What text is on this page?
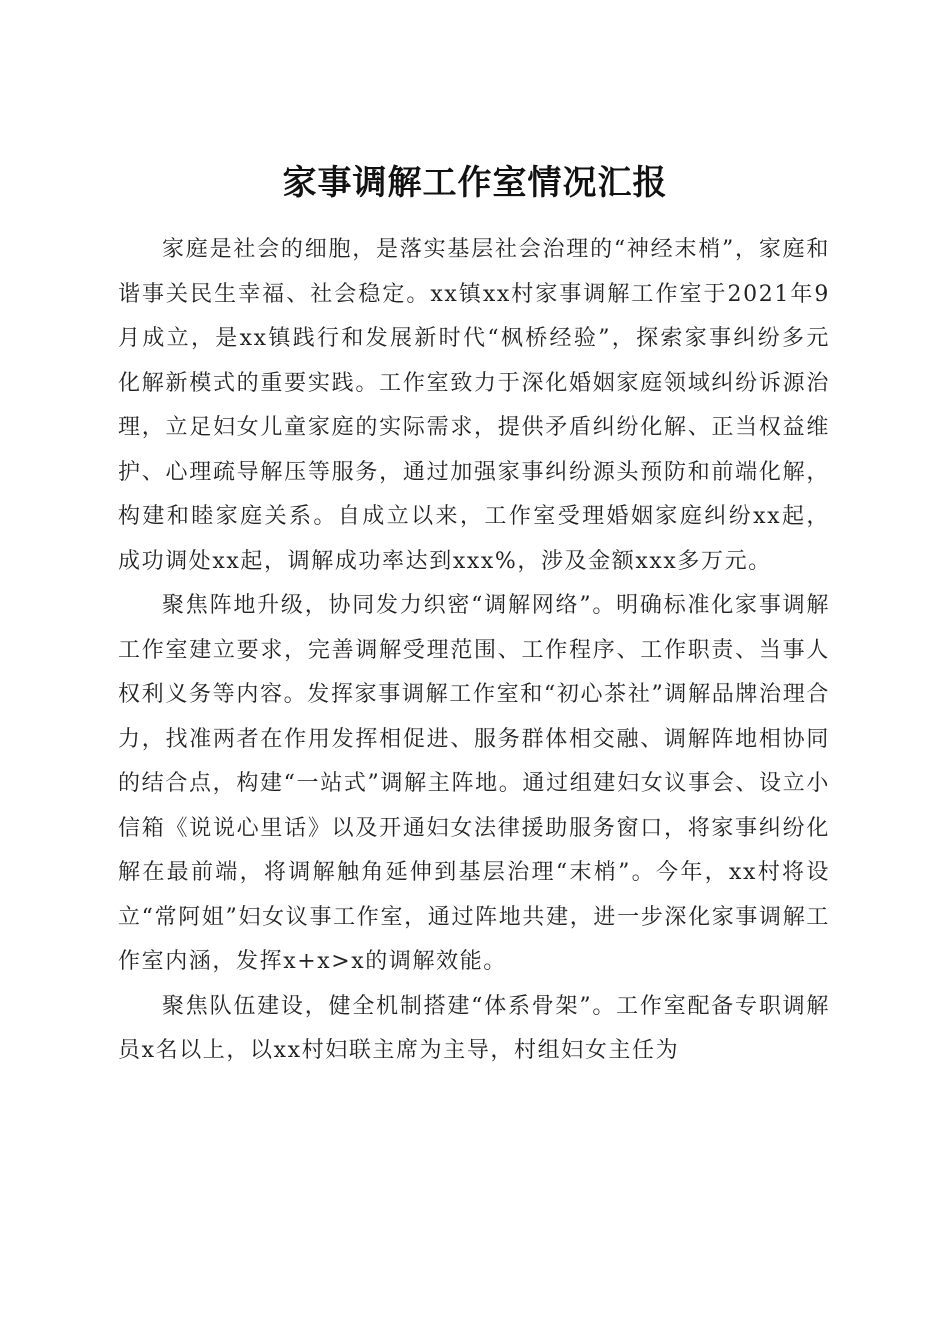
家事调解工作室情况汇报

家庭是社会的细胞，是落实基层社会治理的“神经末梢”，家庭和谐事关民生幸福、社会稳定。xx镇xx村家事调解工作室于2021年9月成立，是xx镇践行和发展新时代“枫桥经验”，探索家事纠纷多元化解新模式的重要实践。工作室致力于深化婚姻家庭领域纠纷诉源治理，立足妇女儿童家庭的实际需求，提供矛盾纠纷化解、正当权益维护、心理疏导解压等服务，通过加强家事纠纷源头预防和前端化解，构建和睦家庭关系。自成立以来，工作室受理婚姻家庭纠纷xx起，成功调处xx起，调解成功率达到xxx%，涉及金额xxx多万元。

聚焦阵地升级，协同发力织密“调解网络”。明确标准化家事调解工作室建立要求，完善调解受理范围、工作程序、工作职责、当事人权利义务等内容。发挥家事调解工作室和“初心茶社”调解品牌治理合力，找准两者在作用发挥相促进、服务群体相交融、调解阵地相协同的结合点，构建“一站式”调解主阵地。通过组建妇女议事会、设立小信箱《说说心里话》以及开通妇女法律援助服务窗口，将家事纠纷化解在最前端，将调解触角延伸到基层治理“末梢”。今年，xx村将设立“常阿姐”妇女议事工作室，通过阵地共建，进一步深化家事调解工作室内涵，发挥x+x>x的调解效能。

聚焦队伍建设，健全机制搭建“体系骨架”。工作室配备专职调解员x名以上，以xx村妇联主席为主导，村组妇女主任为
